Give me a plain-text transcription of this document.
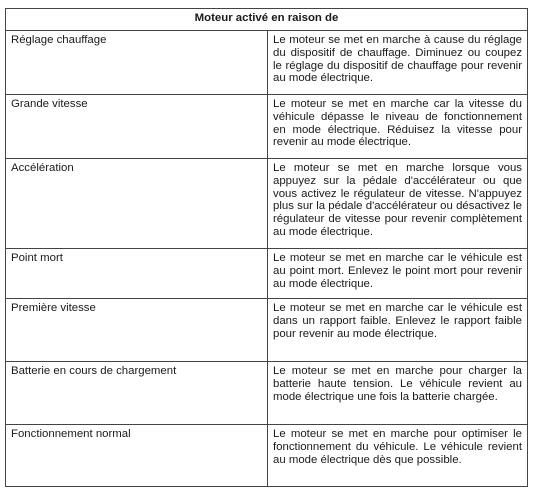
Moteur activé en raison de	
Réglage chauffage	Le moteur se met en marche à cause du réglage du dispositif de chauffage. Diminuez ou coupez le réglage du dispositif de chauffage pour revenir au mode électrique.
Grande vitesse	Le moteur se met en marche car la vitesse du véhicule dépasse le niveau de fonctionnement en mode électrique. Réduisez la vitesse pour revenir au mode électrique.
Accélération	Le moteur se met en marche lorsque vous appuyez sur la pédale d'accélérateur ou que vous activez le régulateur de vitesse. N'appuyez plus sur la pédale d'accélérateur ou désactivez le régulateur de vitesse pour revenir complètement au mode électrique.
Point mort	Le moteur se met en marche car le véhicule est au point mort. Enlevez le point mort pour revenir au mode électrique.
Première vitesse	Le moteur se met en marche car le véhicule est dans un rapport faible. Enlevez le rapport faible pour revenir au mode électrique.
Batterie en cours de chargement	Le moteur se met en marche pour charger la batterie haute tension. Le véhicule revient au mode électrique une fois la batterie chargée.
Fonctionnement normal	Le moteur se met en marche pour optimiser le fonctionnement du véhicule. Le véhicule revient au mode électrique dès que possible.
